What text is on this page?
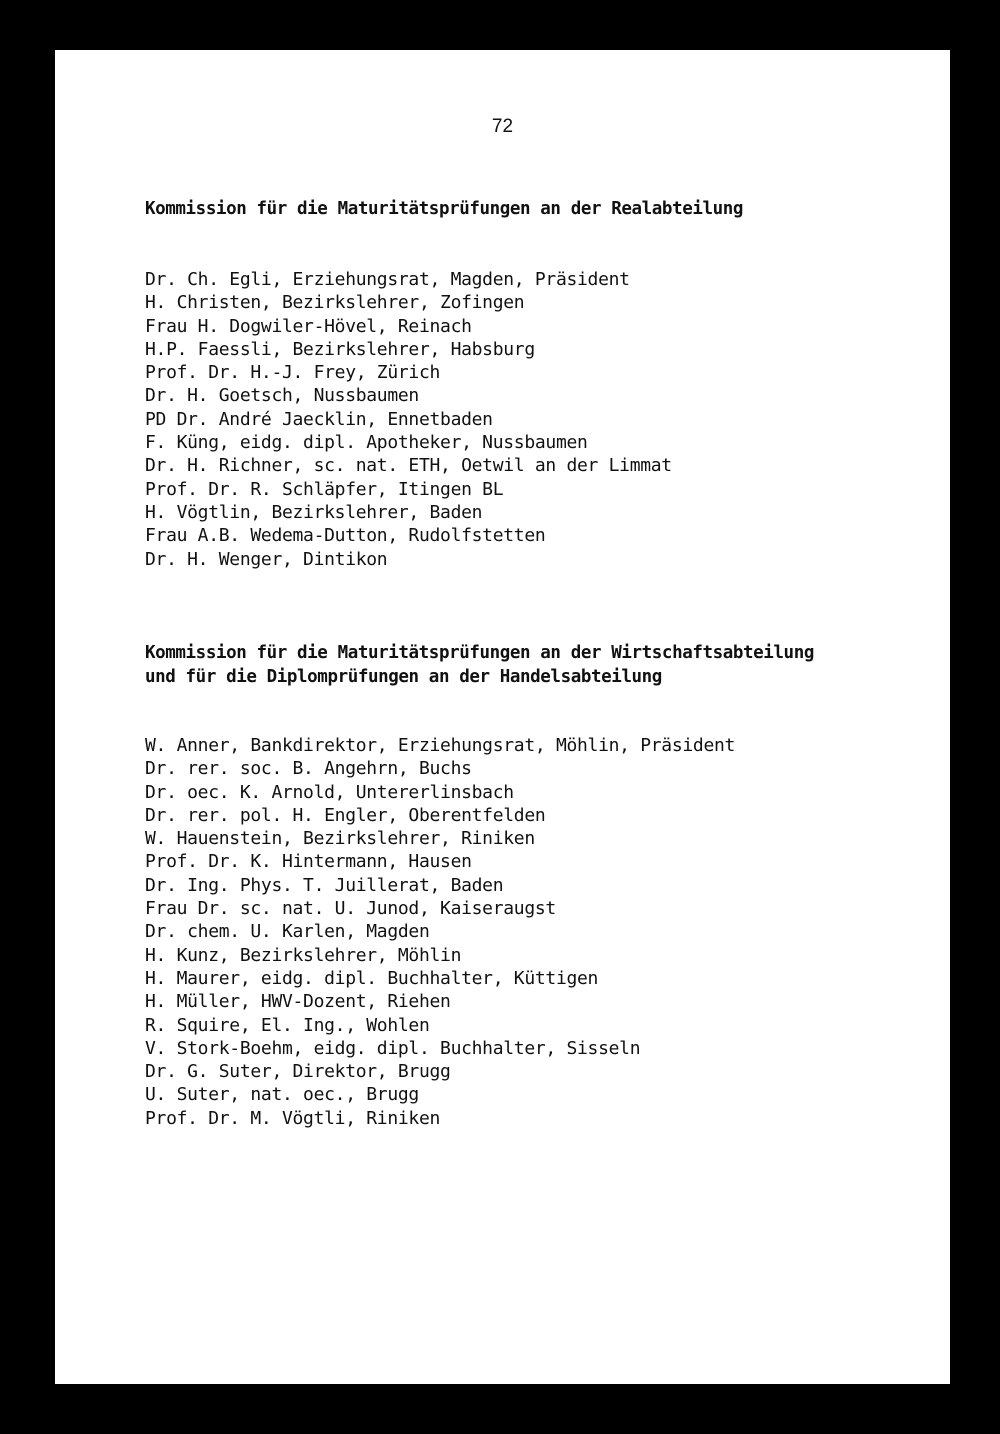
72
Kommission für die Maturitätsprüfungen an der Realabteilung
Dr. Ch. Egli, Erziehungsrat, Magden, Präsident
H. Christen, Bezirkslehrer, Zofingen
Frau H. Dogwiler-Hövel, Reinach
H.P. Faessli, Bezirkslehrer, Habsburg
Prof. Dr. H.-J. Frey, Zürich
Dr. H. Goetsch, Nussbaumen
PD Dr. André Jaecklin, Ennetbaden
F. Küng, eidg. dipl. Apotheker, Nussbaumen
Dr. H. Richner, sc. nat. ETH, Oetwil an der Limmat
Prof. Dr. R. Schläpfer, Itingen BL
H. Vögtlin, Bezirkslehrer, Baden
Frau A.B. Wedema-Dutton, Rudolfstetten
Dr. H. Wenger, Dintikon
Kommission für die Maturitätsprüfungen an der Wirtschaftsabteilung
und für die Diplomprüfungen an der Handelsabteilung
W. Anner, Bankdirektor, Erziehungsrat, Möhlin, Präsident
Dr. rer. soc. B. Angehrn, Buchs
Dr. oec. K. Arnold, Untererlinsbach
Dr. rer. pol. H. Engler, Oberentfelden
W. Hauenstein, Bezirkslehrer, Riniken
Prof. Dr. K. Hintermann, Hausen
Dr. Ing. Phys. T. Juillerat, Baden
Frau Dr. sc. nat. U. Junod, Kaiseraugst
Dr. chem. U. Karlen, Magden
H. Kunz, Bezirkslehrer, Möhlin
H. Maurer, eidg. dipl. Buchhalter, Küttigen
H. Müller, HWV-Dozent, Riehen
R. Squire, El. Ing., Wohlen
V. Stork-Boehm, eidg. dipl. Buchhalter, Sisseln
Dr. G. Suter, Direktor, Brugg
U. Suter, nat. oec., Brugg
Prof. Dr. M. Vögtli, Riniken
